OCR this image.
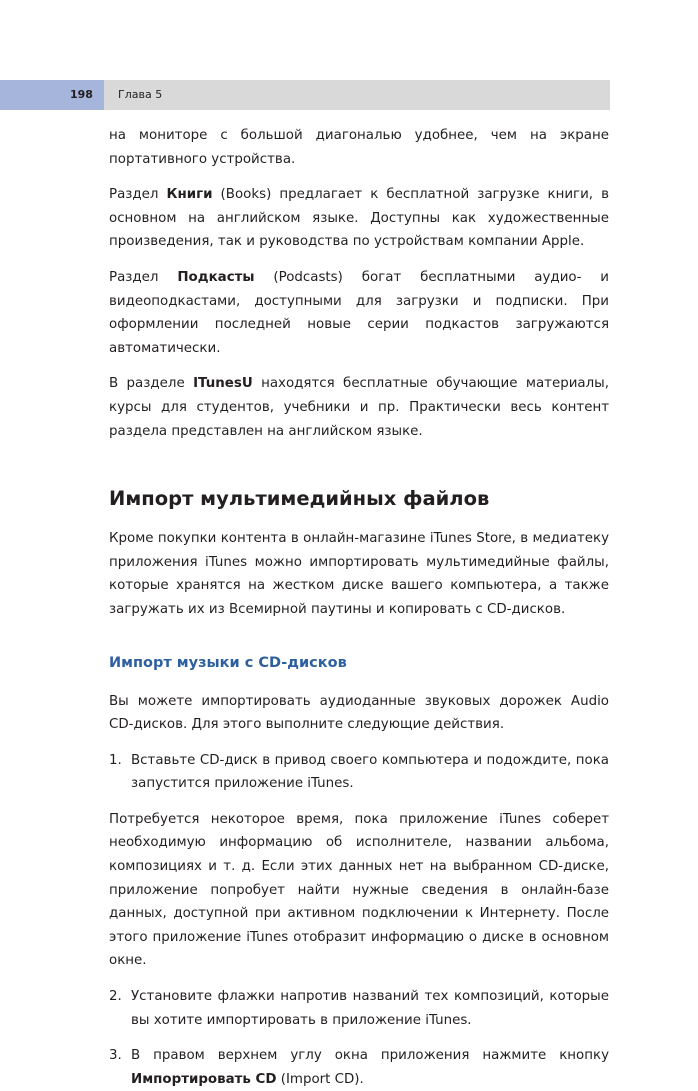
198 Глава 5

на мониторе с большой диагональю удобнее, чем на экране портативного устройства.

Раздел Книги (Books) предлагает к бесплатной загрузке книги, в основном на английском языке. Доступны как художественные произведения, так и руководства по устройствам компании Apple.

Раздел Подкасты (Podcasts) богат бесплатными аудио- и видеоподкастами, доступными для загрузки и подписки. При оформлении последней новые серии подкастов загружаются автоматически.

В разделе ITunesU находятся бесплатные обучающие материалы, курсы для студентов, учебники и пр. Практически весь контент раздела представлен на английском языке.

Импорт мультимедийных файлов

Кроме покупки контента в онлайн-магазине iTunes Store, в медиатеку приложения iTunes можно импортировать мультимедийные файлы, которые хранятся на жестком диске вашего компьютера, а также загружать их из Всемирной паутины и копировать с CD-дисков.

Импорт музыки с CD-дисков

Вы можете импортировать аудиоданные звуковых дорожек Audio CD-дисков. Для этого выполните следующие действия.

1. Вставьте CD-диск в привод своего компьютера и подождите, пока запустится приложение iTunes.

Потребуется некоторое время, пока приложение iTunes соберет необходимую информацию об исполнителе, названии альбома, композициях и т. д. Если этих данных нет на выбранном CD-диске, приложение попробует найти нужные сведения в онлайн-базе данных, доступной при активном подключении к Интернету. После этого приложение iTunes отобразит информацию о диске в основном окне.

2. Установите флажки напротив названий тех композиций, которые вы хотите импортировать в приложение iTunes.

3. В правом верхнем углу окна приложения нажмите кнопку Импортировать CD (Import CD).
